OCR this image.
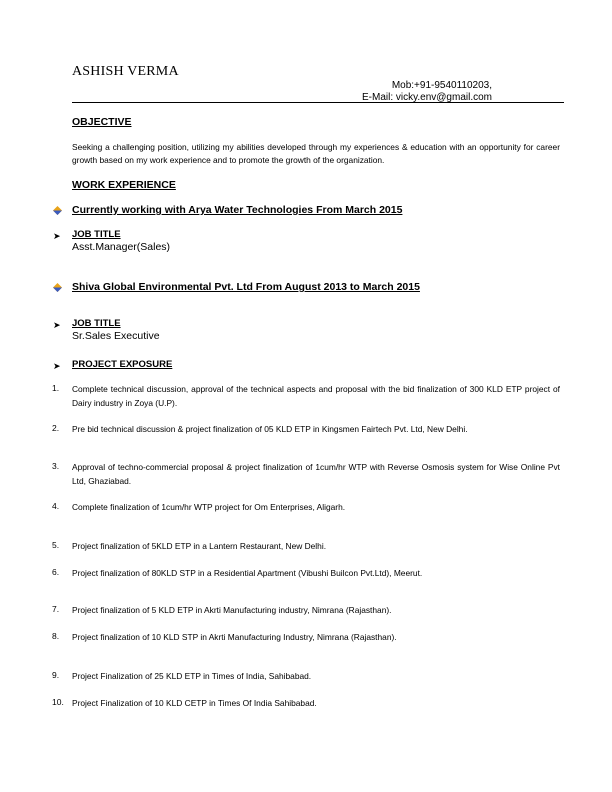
ASHISH VERMA
Mob:+91-9540110203,
E-Mail: vicky.env@gmail.com
OBJECTIVE
Seeking a challenging position, utilizing my abilities developed through my experiences & education with an opportunity for career growth based on my work experience and to promote the growth of the organization.
WORK EXPERIENCE
Currently working with Arya Water Technologies From March 2015
➤ JOB TITLE
Asst.Manager(Sales)
Shiva Global Environmental Pvt. Ltd From August 2013 to March 2015
➤ JOB TITLE
Sr.Sales Executive
➤ PROJECT EXPOSURE
1.	Complete technical discussion, approval of the technical aspects and proposal with the bid finalization of 300 KLD ETP project of Dairy industry in Zoya (U.P).
2.	Pre bid technical discussion & project finalization of 05 KLD ETP in Kingsmen Fairtech Pvt. Ltd, New Delhi.
3.	Approval of techno-commercial proposal & project finalization of 1cum/hr WTP with Reverse Osmosis system for Wise Online Pvt Ltd, Ghaziabad.
4.	Complete finalization of 1cum/hr WTP project for Om Enterprises, Aligarh.
5.	Project finalization of 5KLD ETP in a Lantern Restaurant, New Delhi.
6.	Project finalization of 80KLD STP in a Residential Apartment (Vibushi Builcon Pvt.Ltd), Meerut.
7.	Project finalization of 5 KLD ETP in Akrti Manufacturing industry, Nimrana (Rajasthan).
8.	Project finalization of 10 KLD STP in Akrti Manufacturing Industry, Nimrana (Rajasthan).
9.	Project Finalization of 25 KLD ETP in Times of India, Sahibabad.
10. Project Finalization of 10 KLD CETP in Times Of India Sahibabad.
